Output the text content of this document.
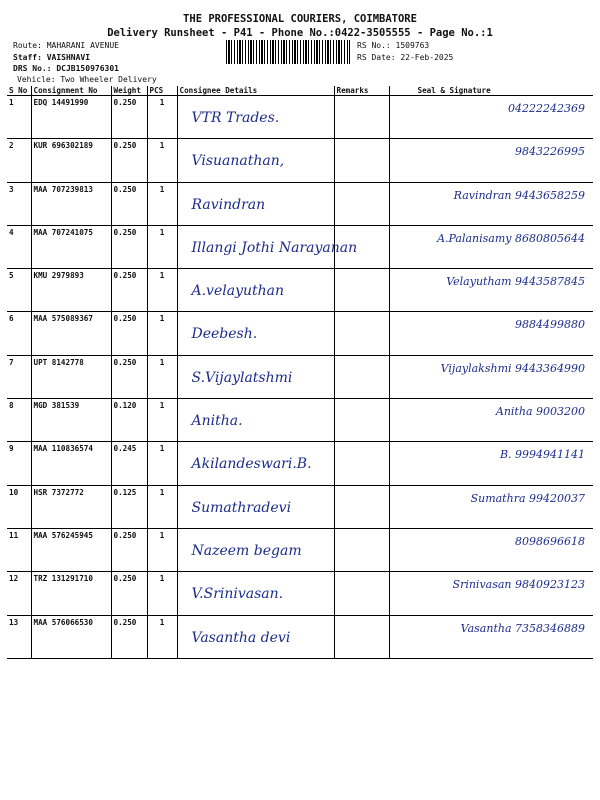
THE PROFESSIONAL COURIERS, COIMBATORE
Delivery Runsheet - P41 - Phone No.:0422-3505555 - Page No.:1
Route: MAHARANI AVENUE
Staff: VAISHNAVI
DRS No.: DCJB150976301
Vehicle: Two Wheeler Delivery
RS No.: 1509763
RS Date: 22-Feb-2025
S No	Consignment No	Weight	PCS	Consignee Details	Remarks	Seal & Signature
1	EDQ 14491990	0.250	1	VTR Trades.		04222242369

2	KUR 696302189	0.250	1	Visuanathan,		9843226995

3	MAA 707239813	0.250	1	Ravindran		Ravindran 9443658259

4	MAA 707241075	0.250	1	Illangi Jothi Narayanan		A.Palanisamy 8680805644

5	KMU 2979893	0.250	1	A.velayuthan		Velayutham 9443587845

6	MAA 575089367	0.250	1	Deebesh.		9884499880

7	UPT 8142778	0.250	1	S.Vijaylatshmi		Vijaylakshmi 9443364990

8	MGD 381539	0.120	1	Anitha.		Anitha 9003200

9	MAA 110836574	0.245	1	Akilandeswari.B.		B. 9994941141

10	HSR 7372772	0.125	1	Sumathradevi		Sumathra 99420037

11	MAA 576245945	0.250	1	Nazeem begam		8098696618

12	TRZ 131291710	0.250	1	V.Srinivasan.		Srinivasan 9840923123

13	MAA 576066530	0.250	1	Vasantha devi		Vasantha 7358346889
